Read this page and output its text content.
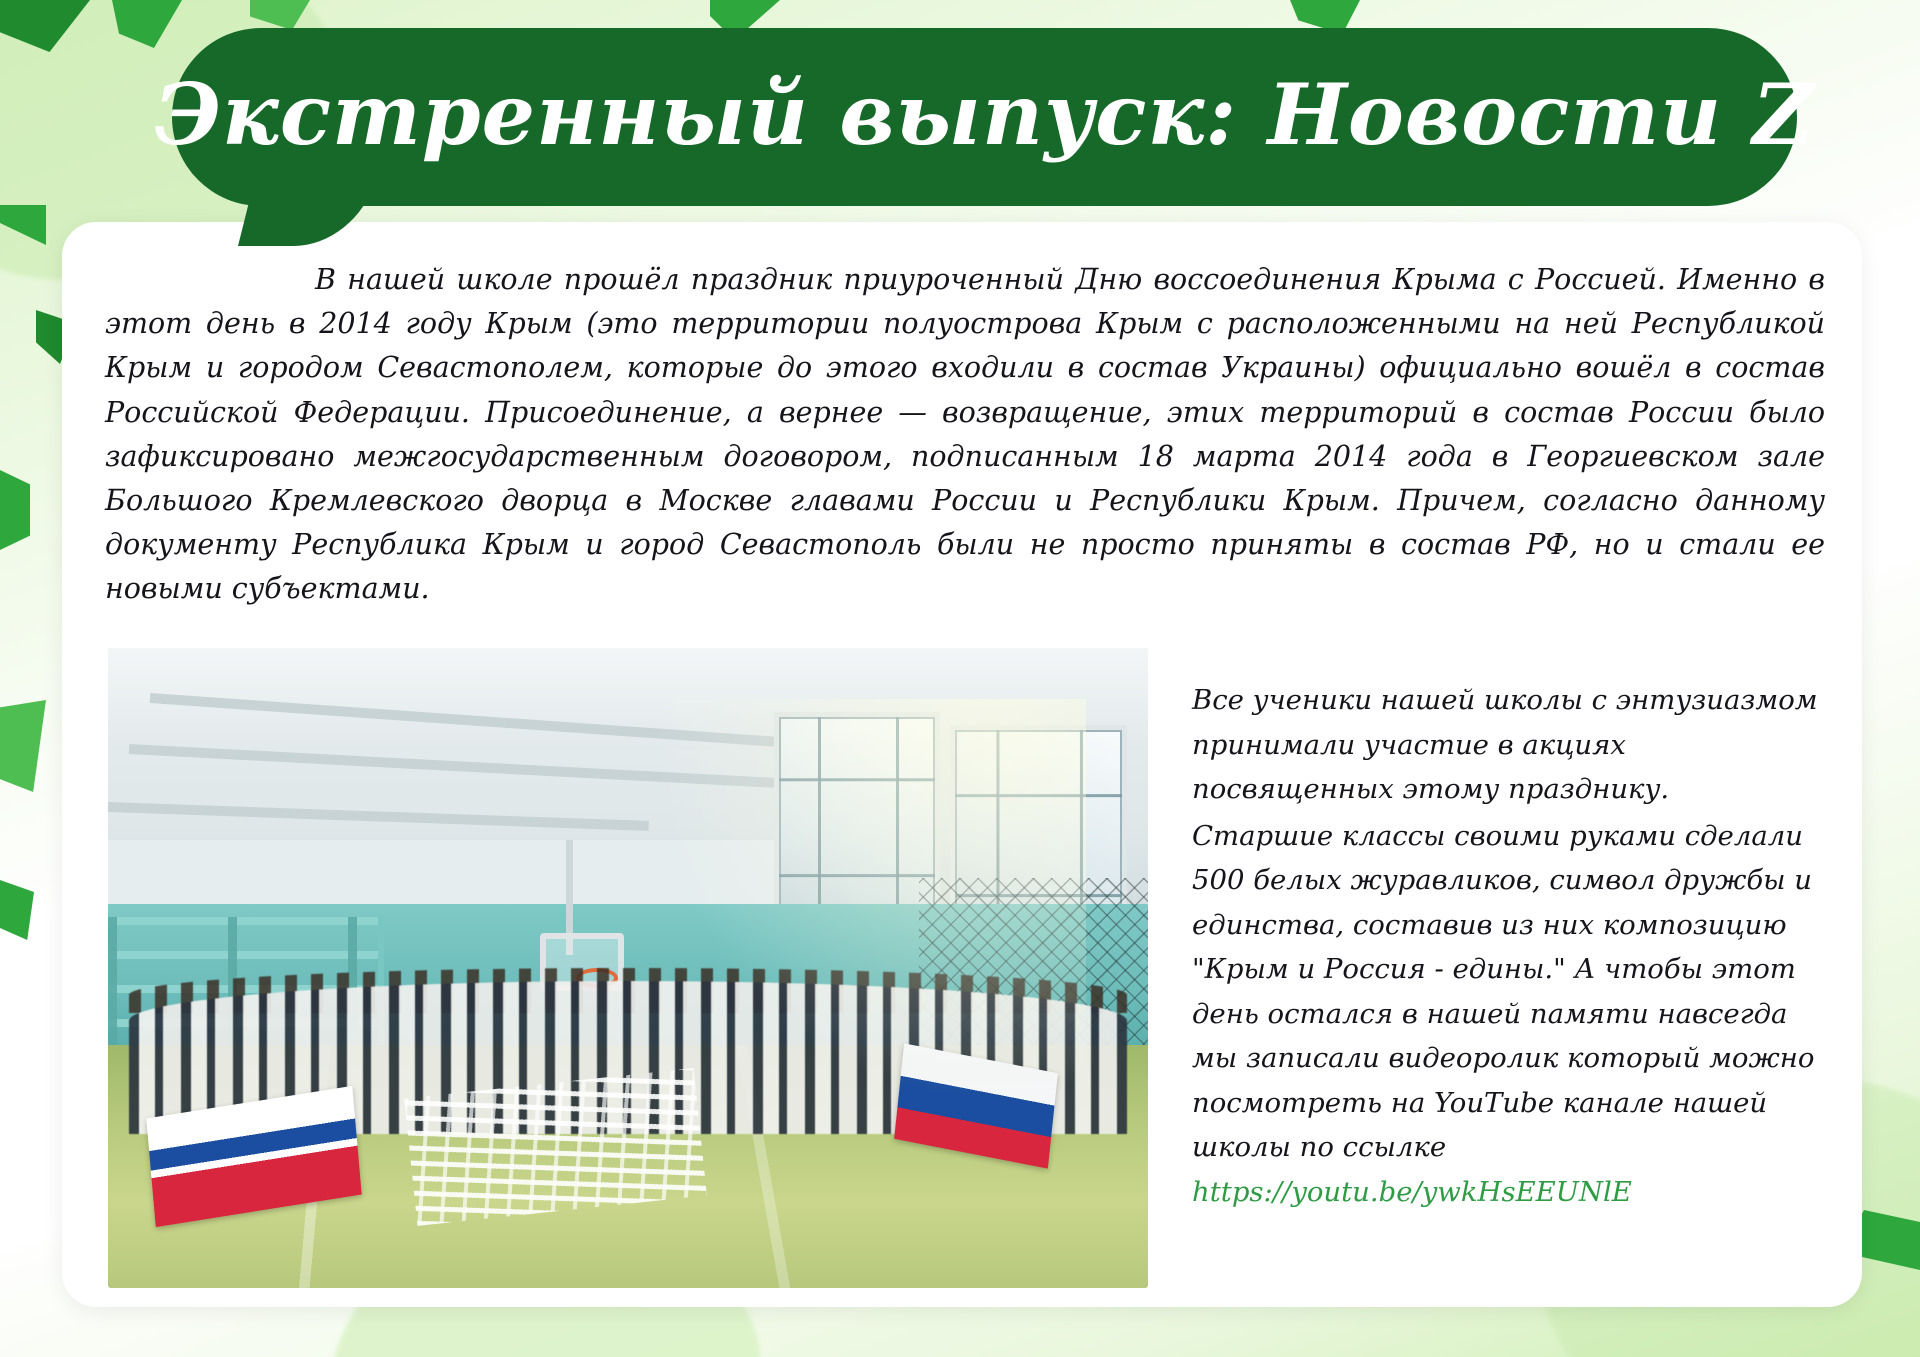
Экстренный выпуск: Новости Z
В нашей школе прошёл праздник приуроченный Дню воссоединения Крыма с Россией. Именно в этот день в 2014 году Крым (это территории полуострова Крым с расположенными на ней Республикой Крым и городом Севастополем, которые до этого входили в состав Украины) официально вошёл в состав Российской Федерации. Присоединение, а вернее — возвращение, этих территорий в состав России было зафиксировано межгосударственным договором, подписанным 18 марта 2014 года в Георгиевском зале Большого Кремлевского дворца в Москве главами России и Республики Крым. Причем, согласно данному документу Республика Крым и город Севастополь были не просто приняты в состав РФ, но и стали ее новыми субъектами.

Все ученики нашей школы с энтузиазмом принимали участие в акциях посвященных этому празднику.

Старшие классы своими руками сделали 500 белых журавликов, символ дружбы и единства, составив из них композицию "Крым и Россия - едины." А чтобы этот день остался в нашей памяти навсегда мы записали видеоролик который можно посмотреть на YouTube канале нашей школы по ссылке https://youtu.be/ywkHsEEUNlE
